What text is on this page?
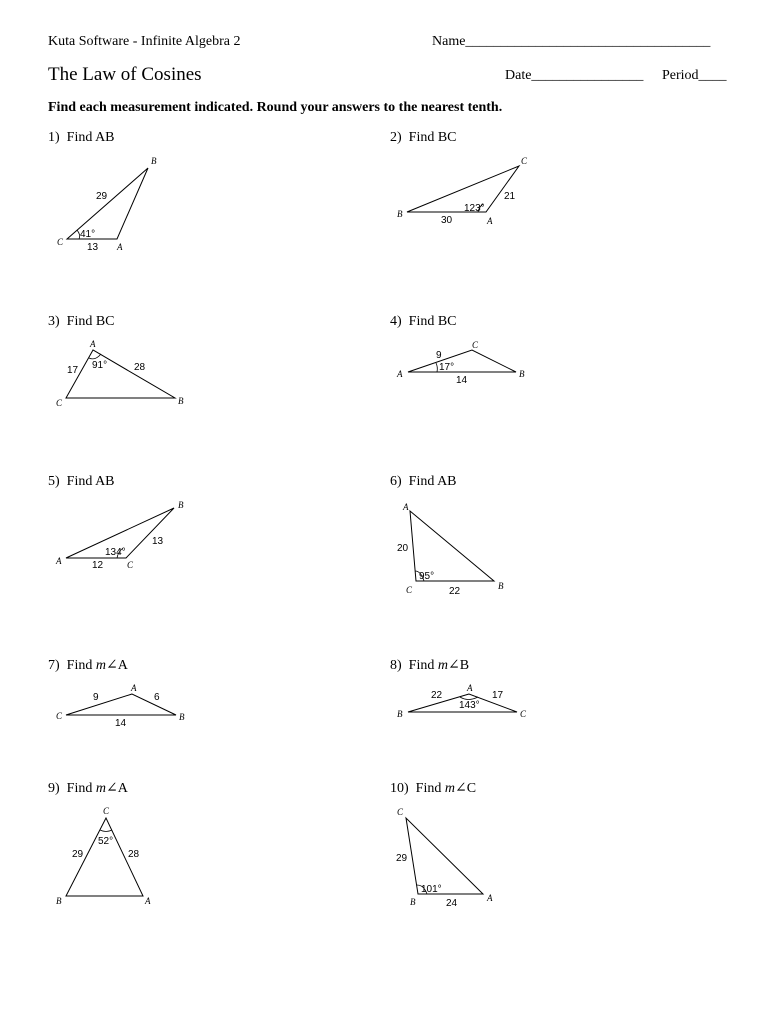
Kuta Software - Infinite Algebra 2	Name___________________________________
The Law of Cosines	Date________________ Period____
Find each measurement indicated. Round your answers to the nearest tenth.
1) Find AB
B
C	A
29
13
41°
2) Find BC
C
B
A
21
30
123°
3) Find BC
A
C	B
17	28
91°
4) Find BC
C
A	B
9
14
17°
5) Find AB
B
A	C
13
12
134°
6) Find AB
A
C	B
20
22
95°
7) Find m∠A
A
C	B
9	6
14
8) Find m∠B
A
B	C
22	17
143°
9) Find m∠A
C
B	A
29	28
52°
10) Find m∠C
C
B	A
29
24
101°
